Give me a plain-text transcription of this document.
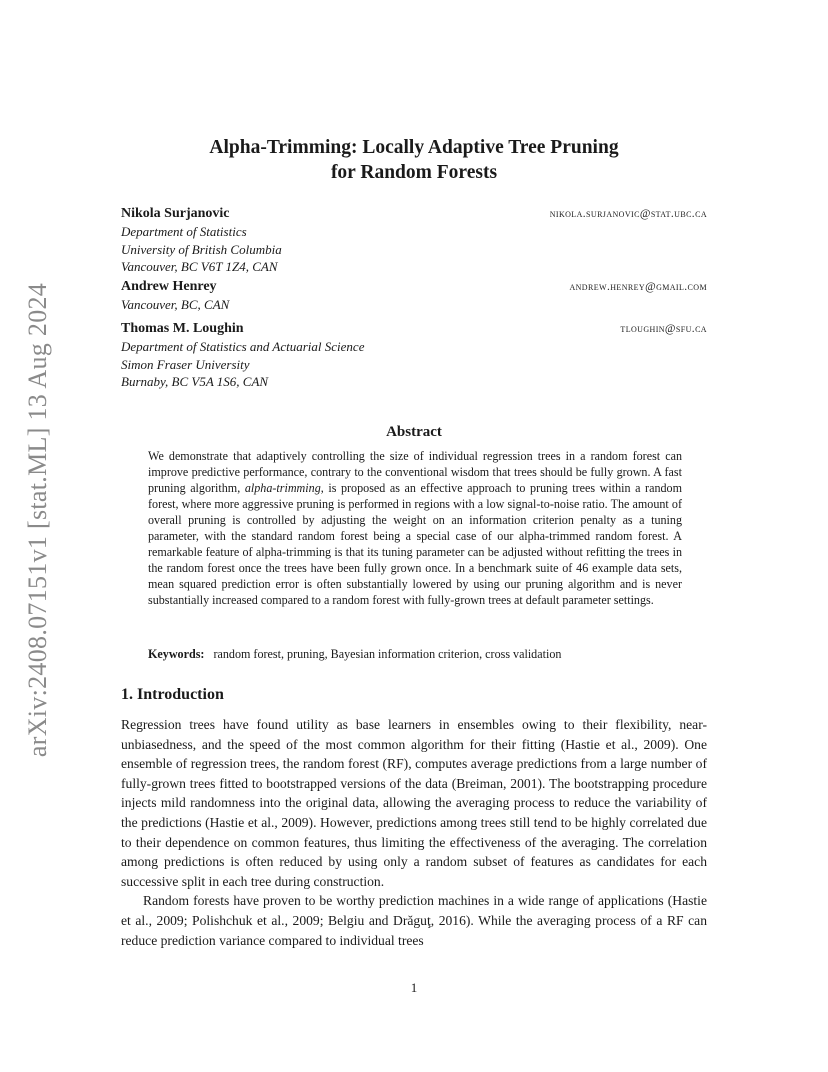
arXiv:2408.07151v1 [stat.ML] 13 Aug 2024
Alpha-Trimming: Locally Adaptive Tree Pruning
for Random Forests
Nikola Surjanovic	nikola.surjanovic@stat.ubc.ca
Department of Statistics
University of British Columbia
Vancouver, BC V6T 1Z4, CAN
Andrew Henrey	andrew.henrey@gmail.com
Vancouver, BC, CAN
Thomas M. Loughin	tloughin@sfu.ca
Department of Statistics and Actuarial Science
Simon Fraser University
Burnaby, BC V5A 1S6, CAN
Abstract

We demonstrate that adaptively controlling the size of individual regression trees in a random forest can improve predictive performance, contrary to the conventional wisdom that trees should be fully grown. A fast pruning algorithm, alpha-trimming, is proposed as an effective approach to pruning trees within a random forest, where more aggressive pruning is performed in regions with a low signal-to-noise ratio. The amount of overall pruning is controlled by adjusting the weight on an information criterion penalty as a tuning parameter, with the standard random forest being a special case of our alpha-trimmed random forest. A remarkable feature of alpha-trimming is that its tuning parameter can be adjusted without refitting the trees in the random forest once the trees have been fully grown once. In a benchmark suite of 46 example data sets, mean squared prediction error is often substantially lowered by using our pruning algorithm and is never substantially increased compared to a random forest with fully-grown trees at default parameter settings.

Keywords: random forest, pruning, Bayesian information criterion, cross validation
1. Introduction

Regression trees have found utility as base learners in ensembles owing to their flexibility, near-unbiasedness, and the speed of the most common algorithm for their fitting (Hastie et al., 2009). One ensemble of regression trees, the random forest (RF), computes average predictions from a large number of fully-grown trees fitted to bootstrapped versions of the data (Breiman, 2001). The bootstrapping procedure injects mild randomness into the original data, allowing the averaging process to reduce the variability of the predictions (Hastie et al., 2009). However, predictions among trees still tend to be highly correlated due to their dependence on common features, thus limiting the effectiveness of the averaging. The correlation among predictions is often reduced by using only a random subset of features as candidates for each successive split in each tree during construction.

Random forests have proven to be worthy prediction machines in a wide range of applications (Hastie et al., 2009; Polishchuk et al., 2009; Belgiu and Drăguţ, 2016). While the averaging process of a RF can reduce prediction variance compared to individual trees

1
